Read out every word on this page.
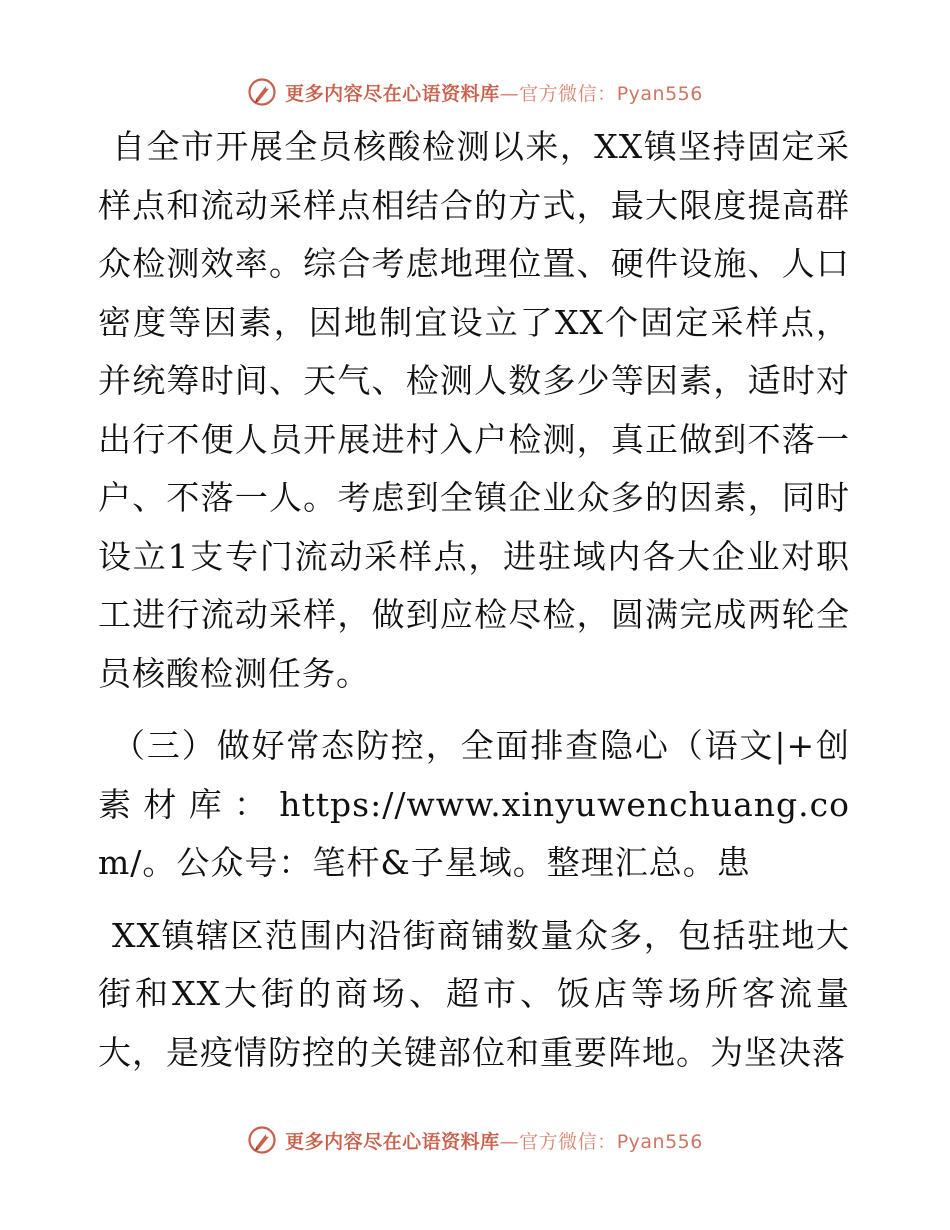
更多内容尽在心语资料库—官方微信：Pyan556

自全市开展全员核酸检测以来，XX镇坚持固定采样点和流动采样点相结合的方式，最大限度提高群众检测效率。综合考虑地理位置、硬件设施、人口密度等因素，因地制宜设立了XX个固定采样点，并统筹时间、天气、检测人数多少等因素，适时对出行不便人员开展进村入户检测，真正做到不落一户、不落一人。考虑到全镇企业众多的因素，同时设立1支专门流动采样点，进驻域内各大企业对职工进行流动采样，做到应检尽检，圆满完成两轮全员核酸检测任务。

（三）做好常态防控，全面排查隐心（语文|+创素材库：https://www.xinyuwenchuang.com/。公众号：笔杆&子星域。整理汇总。患

XX镇辖区范围内沿街商铺数量众多，包括驻地大街和XX大街的商场、超市、饭店等场所客流量大，是疫情防控的关键部位和重要阵地。为坚决落

更多内容尽在心语资料库—官方微信：Pyan556
